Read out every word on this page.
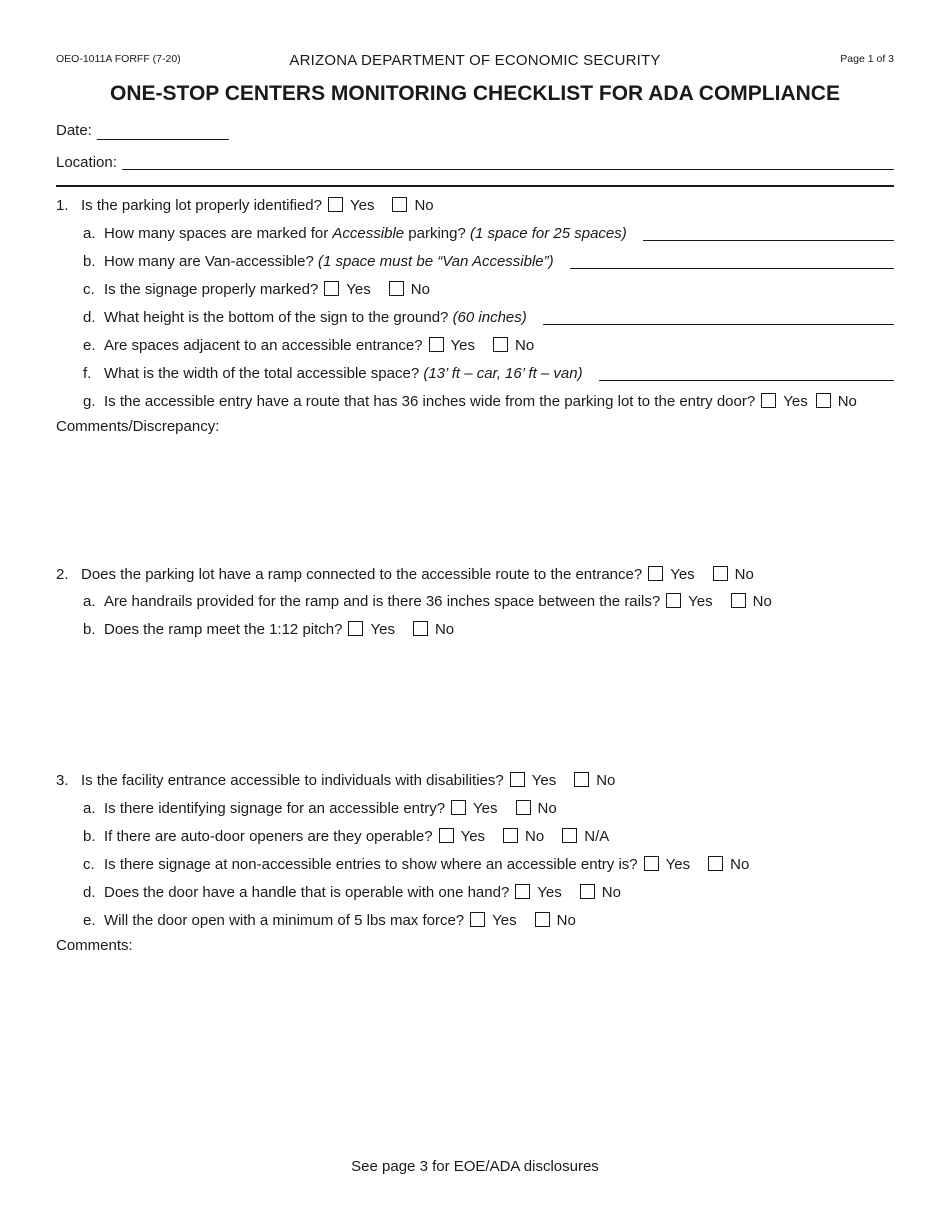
OEO-1011A FORFF (7-20)	ARIZONA DEPARTMENT OF ECONOMIC SECURITY	Page 1 of 3
ONE-STOP CENTERS MONITORING CHECKLIST FOR ADA COMPLIANCE
Date:
Location:
1. Is the parking lot properly identified? Yes	No
a. How many spaces are marked for Accessible parking? (1 space for 25 spaces)
b. How many are Van-accessible? (1 space must be “Van Accessible”)
c. Is the signage properly marked? Yes	No
d. What height is the bottom of the sign to the ground? (60 inches)
e. Are spaces adjacent to an accessible entrance? Yes	No
f. What is the width of the total accessible space? (13’ ft – car, 16’ ft – van)
g. Is the accessible entry have a route that has 36 inches wide from the parking lot to the entry door? Yes No
Comments/Discrepancy:
2. Does the parking lot have a ramp connected to the accessible route to the entrance? Yes	No
a. Are handrails provided for the ramp and is there 36 inches space between the rails? Yes	No
b. Does the ramp meet the 1:12 pitch? Yes	No
3. Is the facility entrance accessible to individuals with disabilities? Yes	No
a. Is there identifying signage for an accessible entry? Yes	No
b. If there are auto-door openers are they operable? Yes	No	N/A
c. Is there signage at non-accessible entries to show where an accessible entry is? Yes	No
d. Does the door have a handle that is operable with one hand? Yes	No
e. Will the door open with a minimum of 5 lbs max force? Yes	No
Comments:
See page 3 for EOE/ADA disclosures
